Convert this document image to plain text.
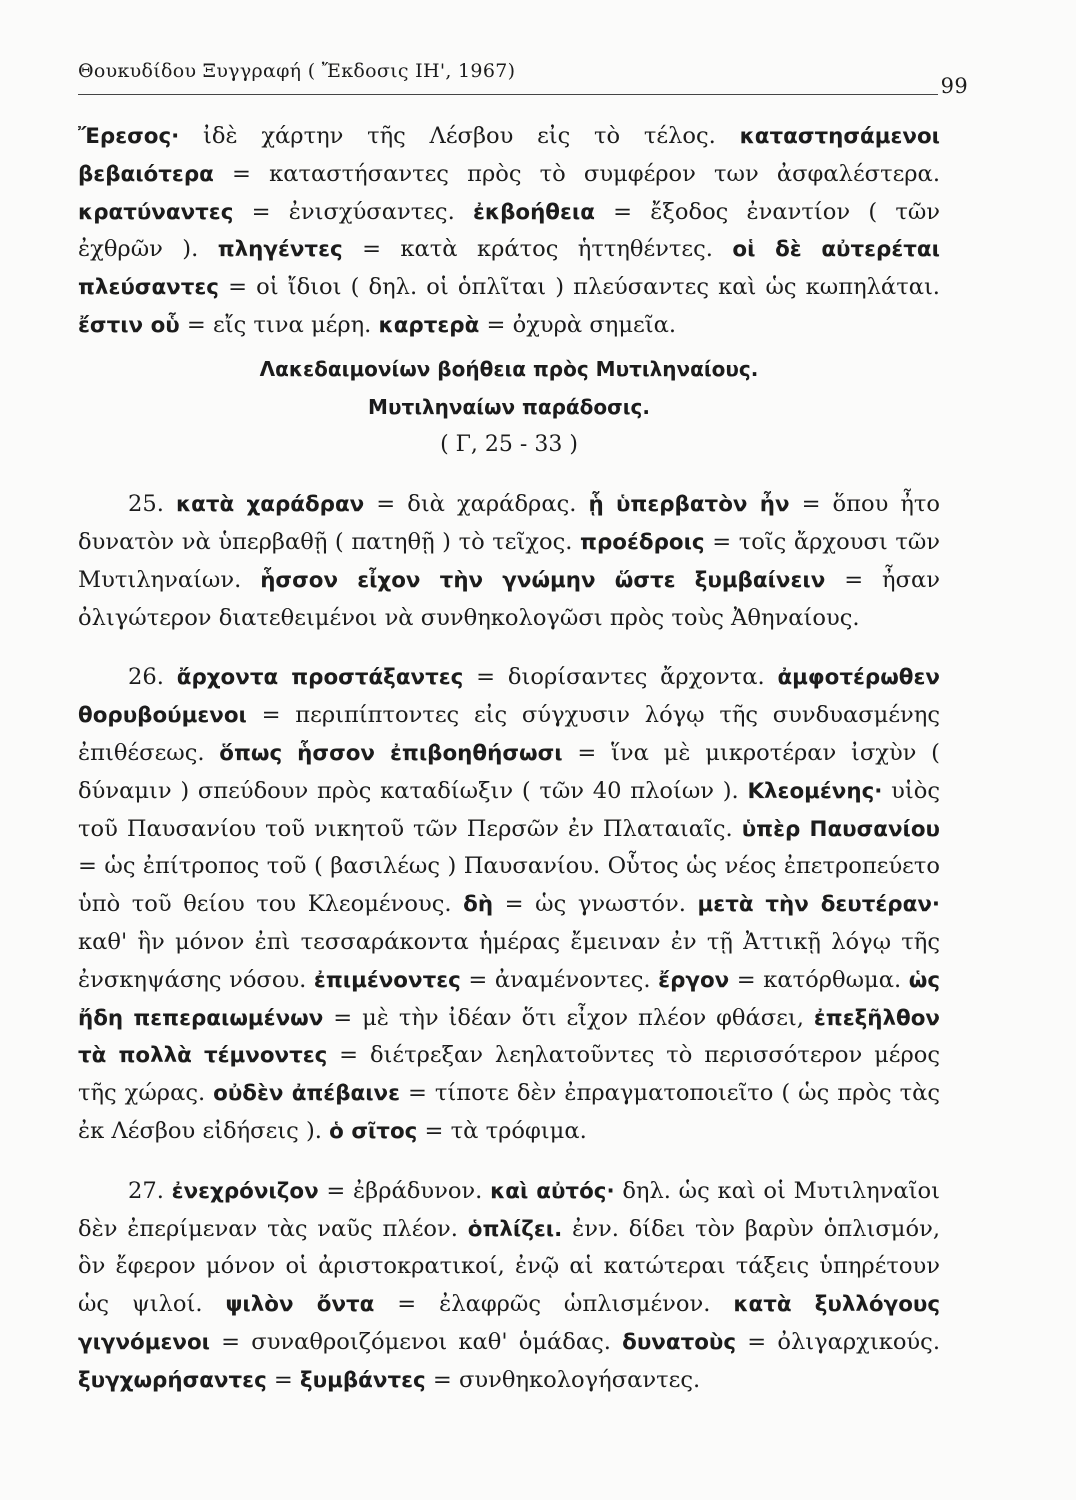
Θουκυδίδου Ξυγγραφή ( Ἔκδοσις ΙΗ', 1967)
99

Ἔρεσος· ἰδὲ χάρτην τῆς Λέσβου εἰς τὸ τέλος. καταστησάμενοι βεβαιότερα = καταστήσαντες πρὸς τὸ συμφέρον των ἀσφαλέστερα. κρατύναντες = ἐνισχύσαντες. ἐκβοήθεια = ἔξοδος ἐναντίον ( τῶν ἐχθρῶν ). πληγέντες = κατὰ κράτος ἡττηθέντες. οἱ δὲ αὐτερέται πλεύσαντες = οἱ ἴδιοι ( δηλ. οἱ ὁπλῖται ) πλεύσαντες καὶ ὡς κωπηλάται. ἔστιν οὗ = εἴς τινα μέρη. καρτερὰ = ὀχυρὰ σημεῖα.

Λακεδαιμονίων βοήθεια πρὸς Μυτιληναίους.
Μυτιληναίων παράδοσις.
( Γ, 25 - 33 )

25. κατὰ χαράδραν = διὰ χαράδρας. ᾗ ὑπερβατὸν ἦν = ὅπου ἦτο δυνατὸν νὰ ὑπερβαθῇ ( πατηθῇ ) τὸ τεῖχος. προέδροις = τοῖς ἄρχουσι τῶν Μυτιληναίων. ἧσσον εἶχον τὴν γνώμην ὥστε ξυμβαίνειν = ἦσαν ὀλιγώτερον διατεθειμένοι νὰ συνθηκολογῶσι πρὸς τοὺς Ἀθηναίους.

26. ἄρχοντα προστάξαντες = διορίσαντες ἄρχοντα. ἀμφοτέρωθεν θορυβούμενοι = περιπίπτοντες εἰς σύγχυσιν λόγῳ τῆς συνδυασμένης ἐπιθέσεως. ὅπως ἧσσον ἐπιβοηθήσωσι = ἵνα μὲ μικροτέραν ἰσχὺν ( δύναμιν ) σπεύδουν πρὸς καταδίωξιν ( τῶν 40 πλοίων ). Κλεομένης· υἱὸς τοῦ Παυσανίου τοῦ νικητοῦ τῶν Περσῶν ἐν Πλαταιαῖς. ὑπὲρ Παυσανίου = ὡς ἐπίτροπος τοῦ ( βασιλέως ) Παυσανίου. Οὗτος ὡς νέος ἐπετροπεύετο ὑπὸ τοῦ θείου του Κλεομένους. δὴ = ὡς γνωστόν. μετὰ τὴν δευτέραν· καθ' ἣν μόνον ἐπὶ τεσσαράκοντα ἡμέρας ἔμειναν ἐν τῇ Ἀττικῇ λόγῳ τῆς ἐνσκηψάσης νόσου. ἐπιμένοντες = ἀναμένοντες. ἔργον = κατόρθωμα. ὡς ἤδη πεπεραιωμένων = μὲ τὴν ἰδέαν ὅτι εἶχον πλέον φθάσει, ἐπεξῆλθον τὰ πολλὰ τέμνοντες = διέτρεξαν λεηλατοῦντες τὸ περισσότερον μέρος τῆς χώρας. οὐδὲν ἀπέβαινε = τίποτε δὲν ἐπραγματοποιεῖτο ( ὡς πρὸς τὰς ἐκ Λέσβου εἰδήσεις ). ὁ σῖτος = τὰ τρόφιμα.

27. ἐνεχρόνιζον = ἐβράδυνον. καὶ αὐτός· δηλ. ὡς καὶ οἱ Μυτιληναῖοι δὲν ἐπερίμεναν τὰς ναῦς πλέον. ὁπλίζει. ἐνν. δίδει τὸν βαρὺν ὁπλισμόν, ὃν ἔφερον μόνον οἱ ἀριστοκρατικοί, ἐνῷ αἱ κατώτεραι τάξεις ὑπηρέτουν ὡς ψιλοί. ψιλὸν ὄντα = ἐλαφρῶς ὡπλισμένον. κατὰ ξυλλόγους γιγνόμενοι = συναθροιζόμενοι καθ' ὁμάδας. δυνατοὺς = ὀλιγαρχικούς. ξυγχωρήσαντες = ξυμβάντες = συνθηκολογήσαντες.
